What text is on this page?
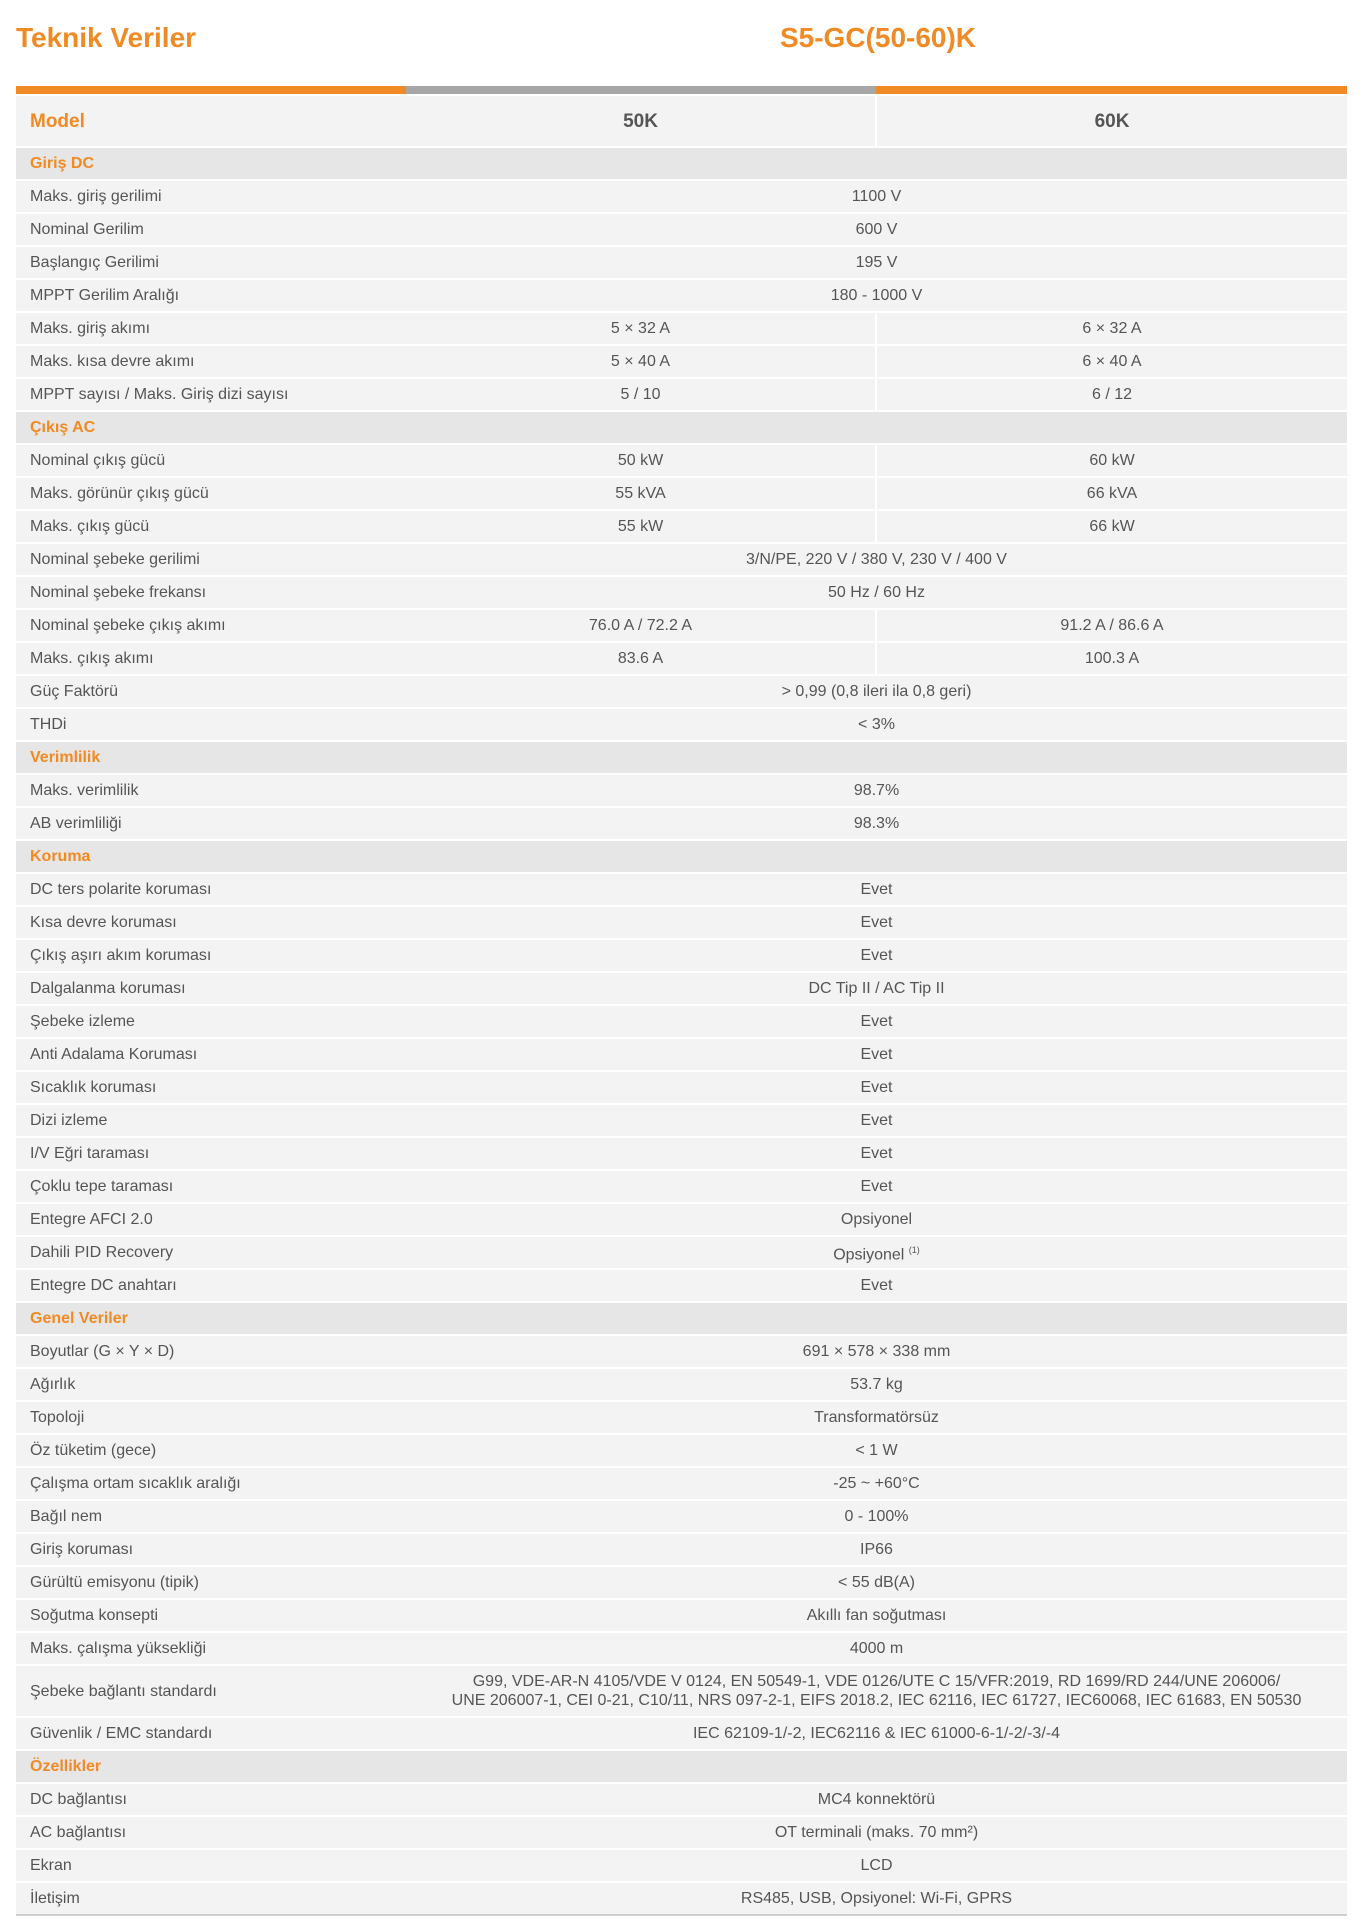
Teknik Veriler	S5-GC(50-60)K
Model	50K	60K
Giriş DC		
Maks. giriş gerilimi	1100 V	
Nominal Gerilim	600 V	
Başlangıç Gerilimi	195 V	
MPPT Gerilim Aralığı	180 - 1000 V	
Maks. giriş akımı	5 × 32 A	6 × 32 A
Maks. kısa devre akımı	5 × 40 A	6 × 40 A
MPPT sayısı / Maks. Giriş dizi sayısı	5 / 10	6 / 12
Çıkış AC		
Nominal çıkış gücü	50 kW	60 kW
Maks. görünür çıkış gücü	55 kVA	66 kVA
Maks. çıkış gücü	55 kW	66 kW
Nominal şebeke gerilimi	3/N/PE, 220 V / 380 V, 230 V / 400 V	
Nominal şebeke frekansı	50 Hz / 60 Hz	
Nominal şebeke çıkış akımı	76.0 A / 72.2 A	91.2 A / 86.6 A
Maks. çıkış akımı	83.6 A	100.3 A
Güç Faktörü	> 0,99 (0,8 ileri ila 0,8 geri)	
THDi	< 3%	
Verimlilik		
Maks. verimlilik	98.7%	
AB verimliliği	98.3%	
Koruma		
DC ters polarite koruması	Evet	
Kısa devre koruması	Evet	
Çıkış aşırı akım koruması	Evet	
Dalgalanma koruması	DC Tip II / AC Tip II	
Şebeke izleme	Evet	
Anti Adalama Koruması	Evet	
Sıcaklık koruması	Evet	
Dizi izleme	Evet	
I/V Eğri taraması	Evet	
Çoklu tepe taraması	Evet	
Entegre AFCI 2.0	Opsiyonel	
Dahili PID Recovery	Opsiyonel $^{(1)}$
Entegre DC anahtarı	Evet	
Genel Veriler		
Boyutlar (G × Y × D)	691 × 578 × 338 mm	
Ağırlık	53.7 kg	
Topoloji	Transformatörsüz	
Öz tüketim (gece)	< 1 W	
Çalışma ortam sıcaklık aralığı	-25 ~ +60°C	
Bağıl nem	0 - 100%	
Giriş koruması	IP66	
Gürültü emisyonu (tipik)	< 55 dB(A)	
Soğutma konsepti	Akıllı fan soğutması	
Maks. çalışma yüksekliği	4000 m	
Şebeke bağlantı standardı	G99, VDE-AR-N 4105/VDE V 0124, EN 50549-1, VDE 0126/UTE C 15/VFR:2019, RD 1699/RD 244/UNE 206006/
UNE 206007-1, CEI 0-21, C10/11, NRS 097-2-1, EIFS 2018.2, IEC 62116, IEC 61727, IEC60068, IEC 61683, EN 50530	

Güvenlik / EMC standardı	IEC 62109-1/-2, IEC62116 & IEC 61000-6-1/-2/-3/-4	
Özellikler		
DC bağlantısı	MC4 konnektörü	
AC bağlantısı	OT terminali (maks. 70 mm²)	
Ekran	LCD	
İletişim	RS485, USB, Opsiyonel: Wi-Fi, GPRS	
